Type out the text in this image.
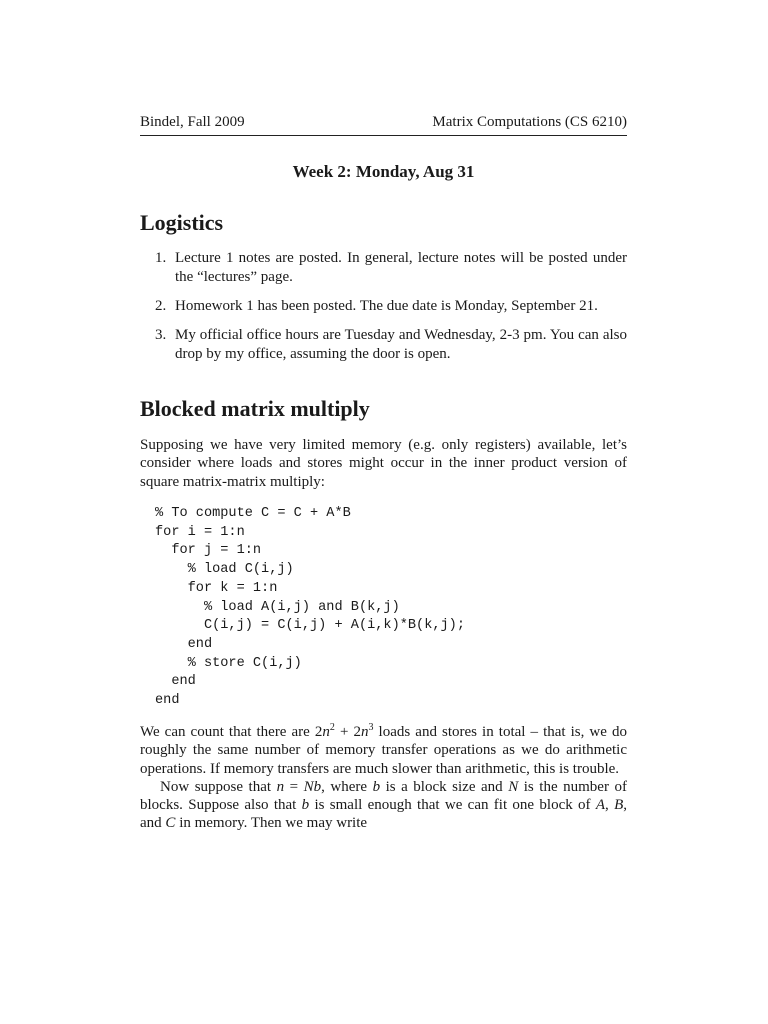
Bindel, Fall 2009	Matrix Computations (CS 6210)
Week 2: Monday, Aug 31
Logistics
1. Lecture 1 notes are posted. In general, lecture notes will be posted under the “lectures” page.
2. Homework 1 has been posted. The due date is Monday, September 21.
3. My official office hours are Tuesday and Wednesday, 2-3 pm. You can also drop by my office, assuming the door is open.
Blocked matrix multiply
Supposing we have very limited memory (e.g. only registers) available, let’s consider where loads and stores might occur in the inner product version of square matrix-matrix multiply:
% To compute C = C + A*B
for i = 1:n
for j = 1:n
% load C(i,j)
for k = 1:n
% load A(i,j) and B(k,j)
C(i,j) = C(i,j) + A(i,k)*B(k,j);
end
% store C(i,j)
end
end

We can count that there are $2n^2 + 2n^3$ loads and stores in total – that is, we do roughly the same number of memory transfer operations as we do arithmetic operations. If memory transfers are much slower than arithmetic, this is trouble.

Now suppose that n = Nb, where b is a block size and N is the number of blocks. Suppose also that b is small enough that we can fit one block of A, B, and C in memory. Then we may write
